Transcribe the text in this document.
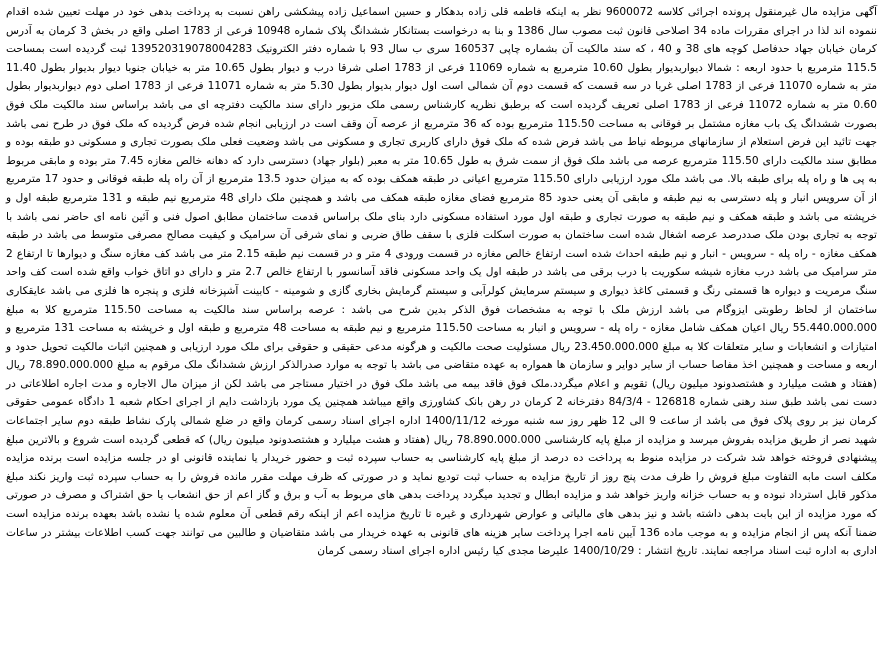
آگهی مزایده مال غیرمنقول پرونده اجرائی کلاسه 9600072 نظر به اینکه فاطمه قلی زاده بدهکار و حسین اسماعیل زاده پیشکشی راهن نسبت به پرداخت بدهی خود در مهلت تعیین شده اقدام ننموده اند لذا در اجرای مقررات ماده 34 اصلاحی قانون ثبت مصوب سال 1386 و بنا به درخواست بستانکار ششدانگ پلاک شماره 10948 فرعی از 1783 اصلی واقع در بخش 3 کرمان به آدرس کرمان خیابان جهاد حدفاصل کوچه های 38 و 40 ، که سند مالکیت آن بشماره چاپی 160537 سری ب سال 93 با شماره دفتر الکترونیک 139520319078004283 ثبت گردیده است بمساحت 115.5 مترمربع با حدود اربعه : شمالا دیواربدیوار بطول 10.60 مترمربع به شماره 11069 فرعی از 1783 اصلی شرقا درب و دیوار بطول 10.65 متر به خیابان جنوبا دیوار بدیوار بطول 11.40 متر به شماره 11070 فرعی از 1783 اصلی غربا در سه قسمت که قسمت دوم آن شمالی است اول دیوار بدیوار بطول 5.30 متر به شماره 11071 فرعی از 1783 اصلی دوم دیواربدیوار بطول 0.60 متر به شماره 11072 فرعی از 1783 اصلی تعریف گردیده است که برطبق نظریه کارشناس رسمی ملک مزبور دارای سند مالکیت دفترچه ای می باشد براساس سند مالکیت ملک فوق بصورت ششدانگ یک باب مغازه مشتمل بر فوقانی به مساحت 115.50 مترمربع بوده که 36 مترمربع از عرصه آن وقف است در ارزیابی انجام شده فرض گردیده که ملک فوق در طرح نمی باشد جهت تائید این فرض استعلام از سازمانهای مربوطه نیاط می باشد فرض شده که ملک فوق دارای کاربری تجاری و مسکونی می باشد وضعیت فعلی ملک بصورت تجاری و مسکونی دو طبقه بوده و مطابق سند مالکیت دارای 115.50 مترمربع عرصه می باشد ملک فوق از سمت شرق به طول 10.65 متر به معبر (بلوار جهاد) دسترسی دارد که دهانه خالص مغازه 7.45 متر بوده و مابقی مربوط به پی ها و راه پله برای طبقه بالا. می باشد ملک مورد ارزیابی دارای 115.50 مترمربع اعیانی در طبقه همکف بوده که به میزان حدود 13.5 مترمربع از آن راه پله طبقه فوقانی و حدود 17 مترمربع از آن سرویس انبار و پله دسترسی به نیم طبقه و مابقی آن یعنی حدود 85 مترمربع فضای مغازه طبقه همکف می باشد و همچنین ملک دارای 48 مترمربع نیم طبقه و 131 مترمربع طبقه اول و خرپشته می باشد و طبقه همکف و نیم طبقه به صورت تجاری و طبقه اول مورد استفاده مسکونی دارد بنای ملک براساس قدمت ساختمان مطابق اصول فنی و آئین نامه ای حاضر نمی باشد با توجه به تجاری بودن ملک صددرصد عرصه اشغال شده است ساختمان به صورت اسکلت فلزی با سقف طاق ضربی و نمای شرقی آن سرامیک و کیفیت مصالح مصرفی متوسط می باشد در طبقه همکف مغازه - راه پله - سرویس - انبار و نیم طبقه احداث شده است ارتفاع خالص مغازه در قسمت ورودی 4 متر و در قسمت نیم طبقه 2.15 متر می باشد کف مغازه سنگ و دیوارها تا ارتفاع 2 متر سرامیک می باشد درب مغازه شیشه سکوریت با درب برقی می باشد در طبقه اول یک واحد مسکونی فاقد آسانسور با ارتفاع خالص 2.7 متر و دارای دو اتاق خواب واقع شده است کف واحد سنگ مرمریت و دیواره ها قسمتی رنگ و قسمتی کاغذ دیواری و سیستم سرمایش کولرآبی و سیستم گرمایش بخاری گازی و شومینه - کابینت آشپزخانه فلزی و پنجره ها فلزی می باشد عایقکاری ساختمان از لحاظ رطوبتی ایزوگام می باشد ارزش ملک با توجه به مشخصات فوق الذکر بدین شرح می باشد : عرصه براساس سند مالکیت به مساحت 115.50 مترمربع کلا به مبلغ 55.440.000.000 ریال اعیان همکف شامل مغازه - راه پله - سرویس و انبار به مساحت 115.50 مترمربع و نیم طبقه به مساحت 48 مترمربع و طبقه اول و خرپشته به مساحت 131 مترمربع و امتیازات و انشعابات و سایر متعلقات کلا به مبلغ 23.450.000.000 ریال مسئولیت صحت مالکیت و هرگونه مدعی حقیقی و حقوقی برای ملک مورد ارزیابی و همچنین اثبات مالکیت تحویل حدود و اربعه و مساحت و همچنین اخذ مفاصا حساب از سایر دوایر و سازمان ها همواره به عهده متقاضی می باشد با توجه به موارد صدرالذکر ارزش ششدانگ ملک مرقوم به مبلغ 78.890.000.000 ریال (هفتاد و هشت میلیارد و هشتصدونود میلیون ریال) تقویم و اعلام میگردد.ملک فوق فاقد بیمه می باشد ملک فوق در اختیار مستاجر می باشد لکن از میزان مال الاجاره و مدت اجاره اطلاعاتی در دست نمی باشد طبق سند رهنی شماره 126818 - 84/3/4 دفترخانه 2 کرمان در رهن بانک کشاورزی واقع میباشد همچنین یک مورد بازداشت دایم از اجرای احکام شعبه 1 دادگاه عمومی حقوقی کرمان نیز بر روی پلاک فوق می باشد از ساعت 9 الی 12 ظهر روز سه شنبه مورخه 1400/11/12 اداره اجرای اسناد رسمی کرمان واقع در ضلع شمالی پارک نشاط طبقه دوم سایر اجتماعات شهید نصر از طریق مزایده بفروش میرسد و مزایده از مبلغ پایه کارشناسی 78.890.000.000 ریال (هفتاد و هشت میلیارد و هشتصدونود میلیون ریال) که قطعی گردیده است شروع و بالاترین مبلغ پیشنهادی فروخته خواهد شد شرکت در مزایده منوط به پرداخت ده درصد از مبلغ پایه کارشناسی به حساب سپرده ثبت و حضور خریدار یا نماینده قانونی او در جلسه مزایده است برنده مزایده مکلف است مابه التفاوت مبلغ فروش را ظرف مدت پنج روز از تاریخ مزایده به حساب ثبت تودیع نماید و در صورتی که ظرف مهلت مقرر مانده فروش را به حساب سپرده ثبت واریز نکند مبلغ مذکور قابل استرداد نبوده و به حساب خزانه واریز خواهد شد و مزایده ابطال و تجدید میگردد پرداخت بدهی های مربوط به آب و برق و گاز اعم از حق انشعاب یا حق اشتراک و مصرف در صورتی که مورد مزایده از این بابت بدهی داشته باشد و نیز بدهی های مالیاتی و عوارض شهرداری و غیره تا تاریخ مزایده اعم از اینکه رقم قطعی آن معلوم شده یا نشده باشد بعهده برنده مزایده است ضمنا آنکه پس از انجام مزایده و به موجب ماده 136 آیین نامه اجرا پرداخت سایر هزینه های قانونی به عهده خریدار می باشد متقاضیان و طالبین می توانند جهت کسب اطلاعات بیشتر در ساعات اداری به اداره ثبت اسناد مراجعه نمایند. تاریخ انتشار : 1400/10/29 علیرضا مجدی کیا رئیس اداره اجرای اسناد رسمی کرمان
